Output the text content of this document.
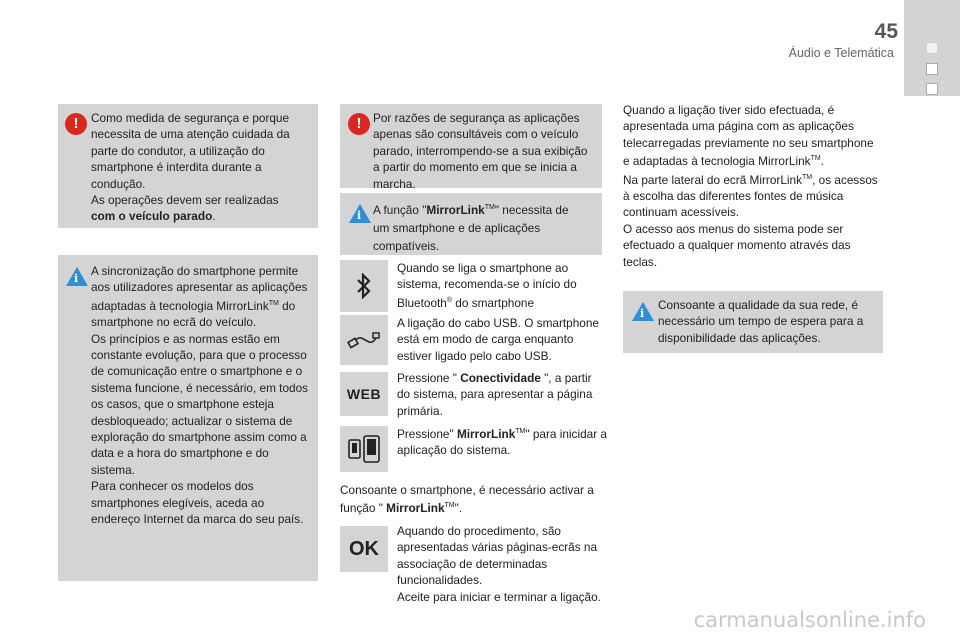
45
Áudio e Telemática
!	Como medida de segurança e porque necessita de uma atenção cuidada da parte do condutor, a utilização do smartphone é interdita durante a condução.
As operações devem ser realizadas
com o veículo parado.

i

A sincronização do smartphone permite aos utilizadores apresentar as aplicações adaptadas à tecnologia MirrorLink™ do smartphone no ecrã do veículo.
Os princípios e as normas estão em constante evolução, para que o processo de comunicação entre o smartphone e o sistema funcione, é necessário, em todos os casos, que o smartphone esteja desbloqueado; actualizar o sistema de exploração do smartphone assim como a data e a hora do smartphone e do sistema.
Para conhecer os modelos dos smartphones elegíveis, aceda ao endereço Internet da marca do seu país.

! Por razões de segurança as aplicações apenas são consultáveis com o veículo parado, interrompendo-se a sua exibição a partir do momento em que se inicia a marcha.

i A função "MirrorLink™" necessita de um smartphone e de aplicações compatíveis.

Quando se liga o smartphone ao sistema, recomenda-se o início do Bluetooth® do smartphone

A ligação do cabo USB. O smartphone está em modo de carga enquanto estiver ligado pelo cabo USB.

WEB

Pressione " Conectividade ", a partir do sistema, para apresentar a página primária.

Pressione" MirrorLink™" para inicidar a aplicação do sistema.

Consoante o smartphone, é necessário activar a função " MirrorLink™".

OK

Aquando do procedimento, são apresentadas várias páginas-ecrãs na associação de determinadas funcionalidades.
Aceite para iniciar e terminar a ligação.

Quando a ligação tiver sido efectuada, é apresentada uma página com as aplicações telecarregadas previamente no seu smartphone e adaptadas à tecnologia MirrorLink™.
Na parte lateral do ecrã MirrorLink™, os acessos à escolha das diferentes fontes de música continuam acessíveis.
O acesso aos menus do sistema pode ser efectuado a qualquer momento através das teclas.

i

Consoante a qualidade da sua rede, é necessário um tempo de espera para a disponibilidade das aplicações.

carmanualsonline.info
